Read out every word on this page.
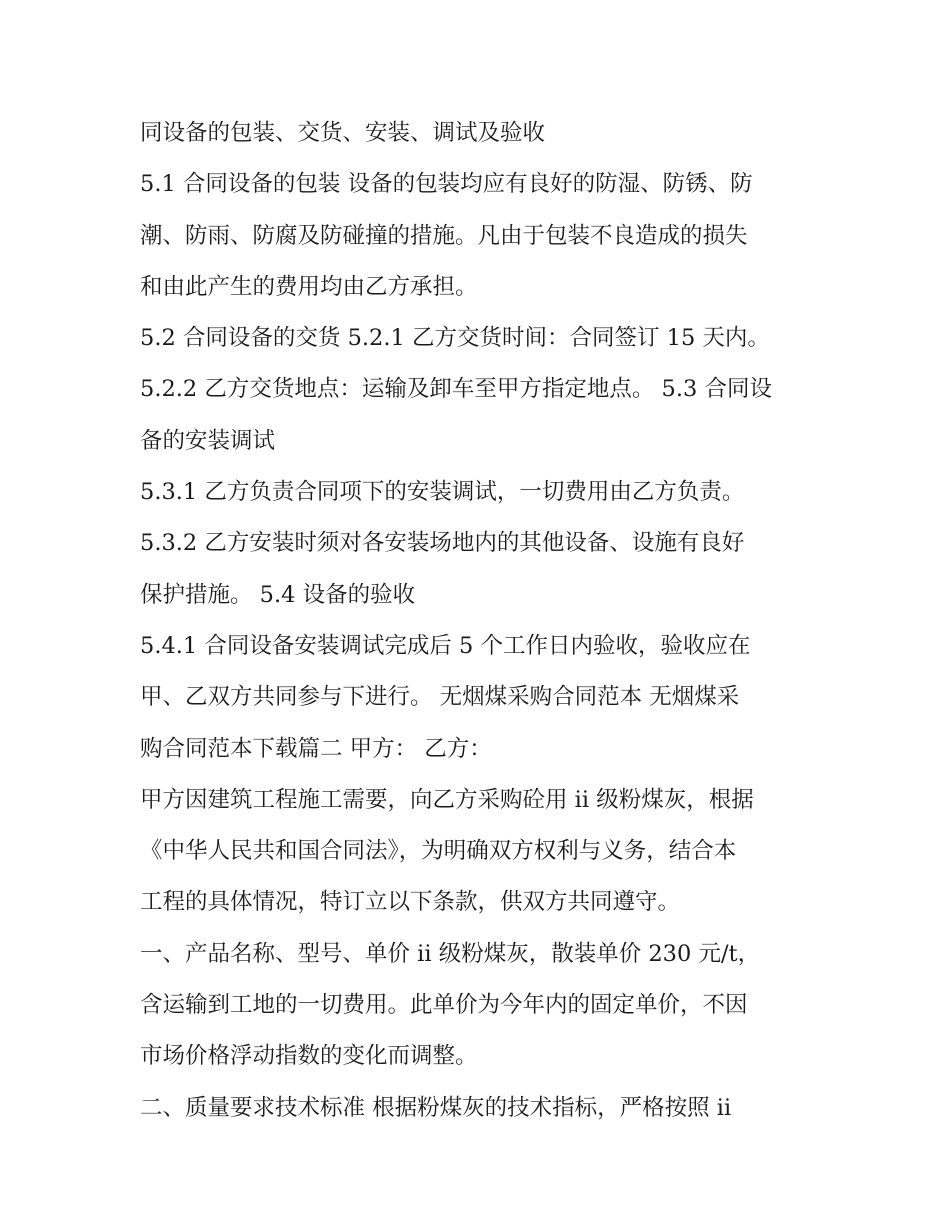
同设备的包装、交货、安装、调试及验收
5.1 合同设备的包装 设备的包装均应有良好的防湿、防锈、防
潮、防雨、防腐及防碰撞的措施。凡由于包装不良造成的损失
和由此产生的费用均由乙方承担。
5.2 合同设备的交货 5.2.1 乙方交货时间：合同签订 15 天内。
5.2.2 乙方交货地点：运输及卸车至甲方指定地点。 5.3 合同设
备的安装调试
5.3.1 乙方负责合同项下的安装调试，一切费用由乙方负责。
5.3.2 乙方安装时须对各安装场地内的其他设备、设施有良好
保护措施。 5.4 设备的验收
5.4.1 合同设备安装调试完成后 5 个工作日内验收，验收应在
甲、乙双方共同参与下进行。 无烟煤采购合同范本 无烟煤采
购合同范本下载篇二 甲方： 乙方：
甲方因建筑工程施工需要，向乙方采购砼用 ii 级粉煤灰，根据
《中华人民共和国合同法》，为明确双方权利与义务，结合本
工程的具体情况，特订立以下条款，供双方共同遵守。
一、产品名称、型号、单价 ii 级粉煤灰，散装单价 230 元/t，
含运输到工地的一切费用。此单价为今年内的固定单价，不因
市场价格浮动指数的变化而调整。
二、质量要求技术标准 根据粉煤灰的技术指标，严格按照 ii
